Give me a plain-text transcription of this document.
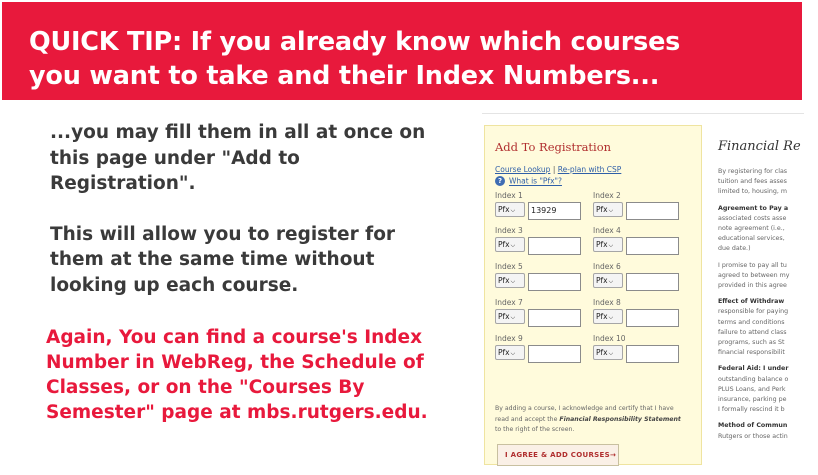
QUICK TIP: If you already know which courses
you want to take and their Index Numbers...
...you may fill them in all at once on
this page under "Add to
Registration".
This will allow you to register for
them at the same time without
looking up each course.
Again, You can find a course's Index
Number in WebReg, the Schedule of
Classes, or on the "Courses By
Semester" page at mbs.rutgers.edu.
Add To Registration
Course Lookup | Re-plan with CSP
? What is "Pfx"?
Index 1
Pfx⌵	13929
Index 2
Pfx⌵
Index 3
Pfx⌵
Index 4
Pfx⌵
Index 5
Pfx⌵
Index 6
Pfx⌵
Index 7
Pfx⌵
Index 8
Pfx⌵
Index 9
Pfx⌵
Index 10
Pfx⌵
By adding a course, I acknowledge and certify that I have
read and accept the Financial Responsibility Statement
to the right of the screen.
I AGREE & ADD COURSES→
Financial Re
By registering for clas
tuition and fees asses
limited to, housing, m
Agreement to Pay a
associated costs asse
note agreement (i.e.,
educational services,
due date.)
I promise to pay all tu
agreed to between my
provided in this agree
Effect of Withdraw
responsible for paying
terms and conditions
failure to attend class
programs, such as St
financial responsibilit
Federal Aid: I under
outstanding balance o
PLUS Loans, and Perk
insurance, parking pe
I formally rescind it b
Method of Commun
Rutgers or those actin
